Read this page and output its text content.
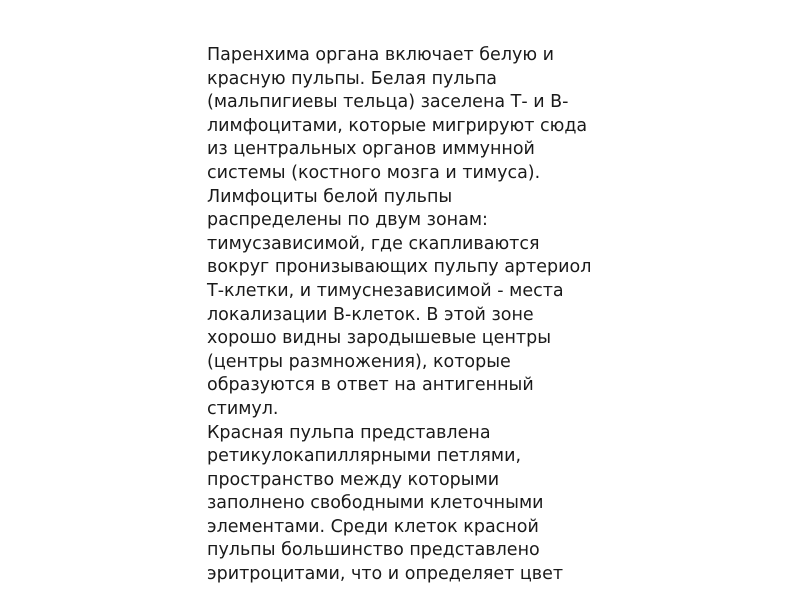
Паренхима органа включает белую и
красную пульпы. Белая пульпа
(мальпигиевы тельца) заселена Т- и В-
лимфоцитами, которые мигрируют сюда
из центральных органов иммунной
системы (костного мозга и тимуса).
Лимфоциты белой пульпы
распределены по двум зонам:
тимусзависимой, где скапливаются
вокруг пронизывающих пульпу артериол
Т-клетки, и тимуснезависимой - места
локализации В-клеток. В этой зоне
хорошо видны зародышевые центры
(центры размножения), которые
образуются в ответ на антигенный
стимул.
Красная пульпа представлена
ретикулокапиллярными петлями,
пространство между которыми
заполнено свободными клеточными
элементами. Среди клеток красной
пульпы большинство представлено
эритроцитами, что и определяет цвет
